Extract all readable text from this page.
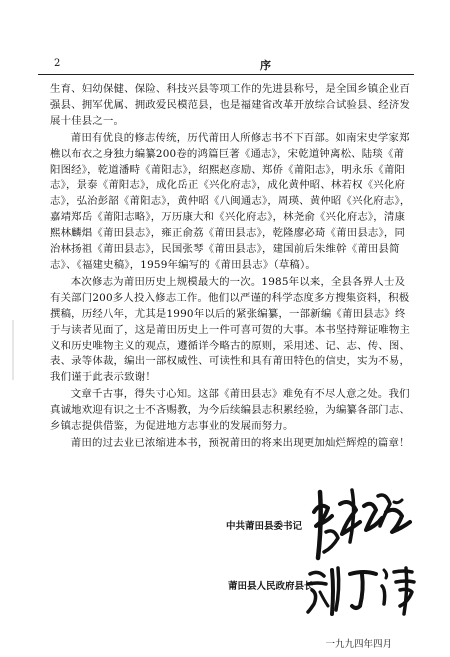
2	序

生育、妇幼保健、保险、科技兴县等项工作的先进县称号，是全国乡镇企业百强县、拥军优属、拥政爱民模范县，也是福建省改革开放综合试验县、经济发展十佳县之一。

莆田有优良的修志传统，历代莆田人所修志书不下百部。如南宋史学家郑樵以布衣之身独力编纂200卷的鸿篇巨著《通志》，宋乾道钟离松、陆琰《莆阳图经》，乾道潘畤《莆阳志》，绍熙赵彦励、郑侨《莆阳志》，明永乐《莆阳志》，景泰《莆阳志》，成化岳正《兴化府志》，成化黄仲昭、林若权《兴化府志》，弘治彭韶《莆阳志》，黄仲昭《八闽通志》，周瑛、黄仲昭《兴化府志》，嘉靖郑岳《莆阳志略》，万历康大和《兴化府志》，林尧俞《兴化府志》，清康熙林麟焻《莆田县志》，雍正俞荔《莆田县志》，乾隆廖必琦《莆田县志》，同治林扬祖《莆田县志》，民国张琴《莆田县志》，建国前后朱维幹《莆田县简志》、《福建史稿》，1959年编写的《莆田县志》（草稿）。

本次修志为莆田历史上规模最大的一次。1985年以来，全县各界人士及有关部门200多人投入修志工作。他们以严谨的科学态度多方搜集资料，积极撰稿，历经八年，尤其是1990年以后的紧张编纂，一部新编《莆田县志》终于与读者见面了，这是莆田历史上一件可喜可贺的大事。本书坚持辩证唯物主义和历史唯物主义的观点，遵循详今略古的原则，采用述、记、志、传、图、表、录等体裁，编出一部权威性、可读性和具有莆田特色的信史，实为不易，我们谨于此表示致谢！

文章千古事，得失寸心知。这部《莆田县志》难免有不尽人意之处。我们真诚地欢迎有识之士不吝赐教，为今后续编县志积累经验，为编纂各部门志、乡镇志提供借鉴，为促进地方志事业的发展而努力。

莆田的过去业已浓缩进本书，预祝莆田的将来出现更加灿烂辉煌的篇章！

中共莆田县委书记
莆田县人民政府县长
一九九四年四月
